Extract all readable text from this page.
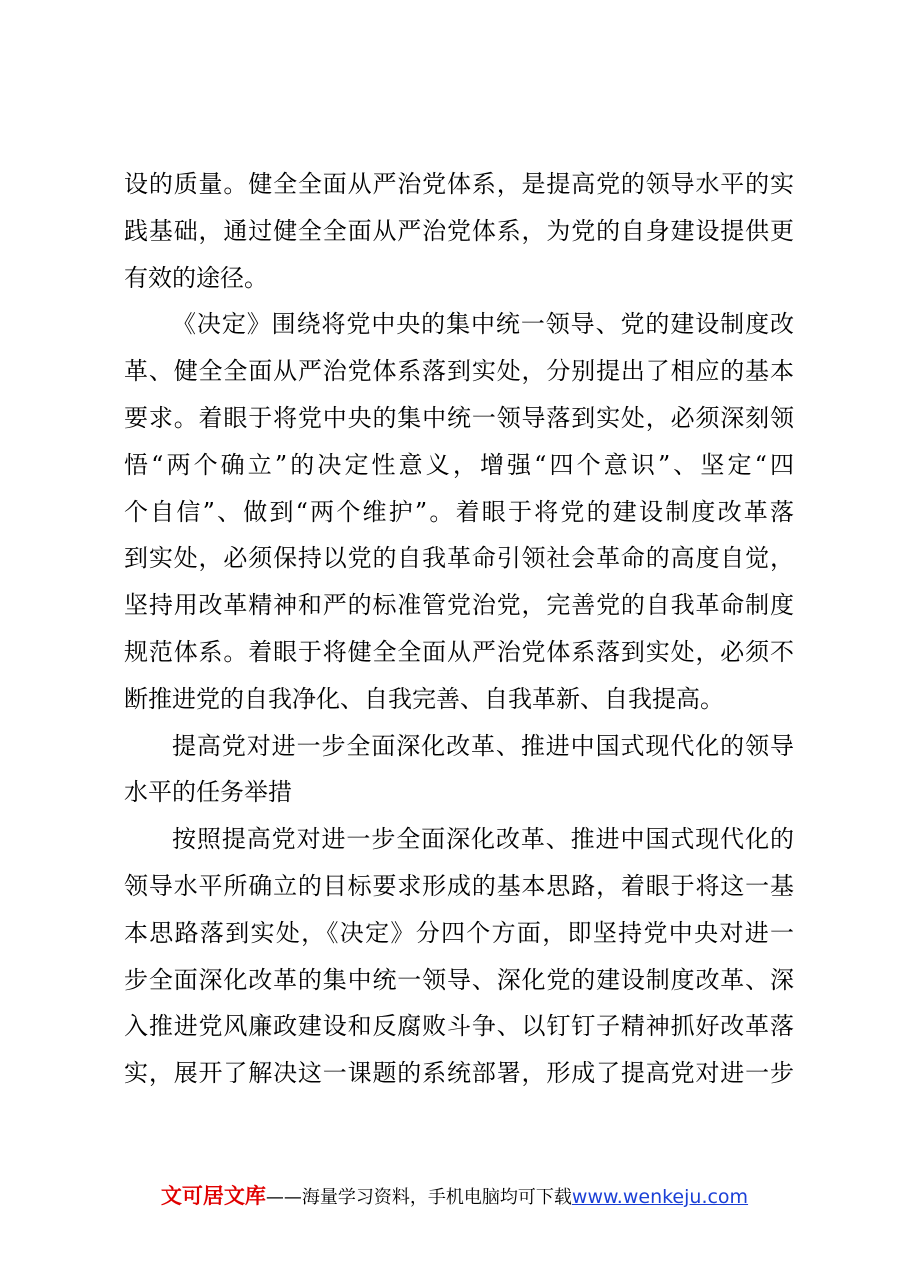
设的质量。健全全面从严治党体系，是提高党的领导水平的实
践基础，通过健全全面从严治党体系，为党的自身建设提供更
有效的途径。
《决定》围绕将党中央的集中统一领导、党的建设制度改
革、健全全面从严治党体系落到实处，分别提出了相应的基本
要求。着眼于将党中央的集中统一领导落到实处，必须深刻领
悟“两个确立”的决定性意义，增强“四个意识”、坚定“四
个自信”、做到“两个维护”。着眼于将党的建设制度改革落
到实处，必须保持以党的自我革命引领社会革命的高度自觉，
坚持用改革精神和严的标准管党治党，完善党的自我革命制度
规范体系。着眼于将健全全面从严治党体系落到实处，必须不
断推进党的自我净化、自我完善、自我革新、自我提高。
提高党对进一步全面深化改革、推进中国式现代化的领导
水平的任务举措
按照提高党对进一步全面深化改革、推进中国式现代化的
领导水平所确立的目标要求形成的基本思路，着眼于将这一基
本思路落到实处，《决定》分四个方面，即坚持党中央对进一
步全面深化改革的集中统一领导、深化党的建设制度改革、深
入推进党风廉政建设和反腐败斗争、以钉钉子精神抓好改革落
实，展开了解决这一课题的系统部署，形成了提高党对进一步
文可居文库——海量学习资料，手机电脑均可下载www.wenkeju.com
